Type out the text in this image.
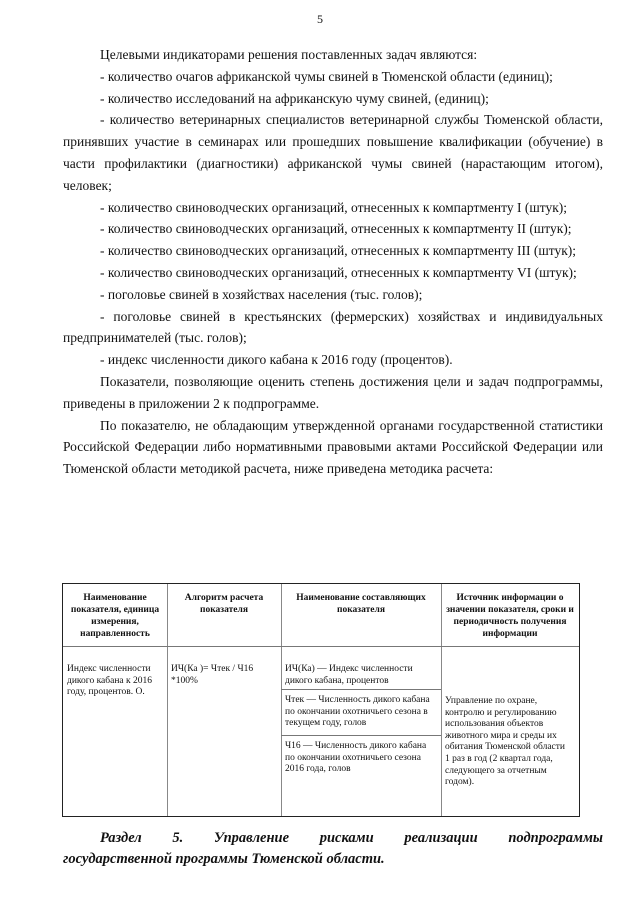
5

Целевыми индикаторами решения поставленных задач являются:

- количество очагов африканской чумы свиней в Тюменской области (единиц);

- количество исследований на африканскую чуму свиней, (единиц);

- количество ветеринарных специалистов ветеринарной службы Тюменской области, принявших участие в семинарах или прошедших повышение квалификации (обучение) в части профилактики (диагностики) африканской чумы свиней (нарастающим итогом), человек;

- количество свиноводческих организаций, отнесенных к компартменту I (штук);

- количество свиноводческих организаций, отнесенных к компартменту II (штук);

- количество свиноводческих организаций, отнесенных к компартменту III (штук);

- количество свиноводческих организаций, отнесенных к компартменту VI (штук);

- поголовье свиней в хозяйствах населения (тыс. голов);

- поголовье свиней в крестьянских (фермерских) хозяйствах и индивидуальных предпринимателей (тыс. голов);

- индекс численности дикого кабана к 2016 году (процентов).

Показатели, позволяющие оценить степень достижения цели и задач подпрограммы, приведены в приложении 2 к подпрограмме.

По показателю, не обладающим утвержденной органами государственной статистики Российской Федерации либо нормативными правовыми актами Российской Федерации или Тюменской области методикой расчета, ниже приведена методика расчета:

Наименование показателя, единица измерения, направленность
Алгоритм расчета показателя
Наименование составляющих показателя
Источник информации о значении показателя, сроки и периодичность получения информации
Индекс численности дикого кабана к 2016 году, процентов. О.
ИЧ(Ка )= Чтек / Ч16 *100%
ИЧ(Ка) — Индекс численности дикого кабана, процентов
Чтек — Численность дикого кабана по окончании охотничьего сезона в текущем году, голов
Ч16 — Численность дикого кабана по окончании охотничьего сезона 2016 года, голов
Управление по охране, контролю и регулированию использования объектов животного мира и среды их обитания Тюменской области
1 раз в год (2 квартал года, следующего за отчетным годом).
Раздел 5. Управление рисками реализации подпрограммы
государственной программы Тюменской области.
